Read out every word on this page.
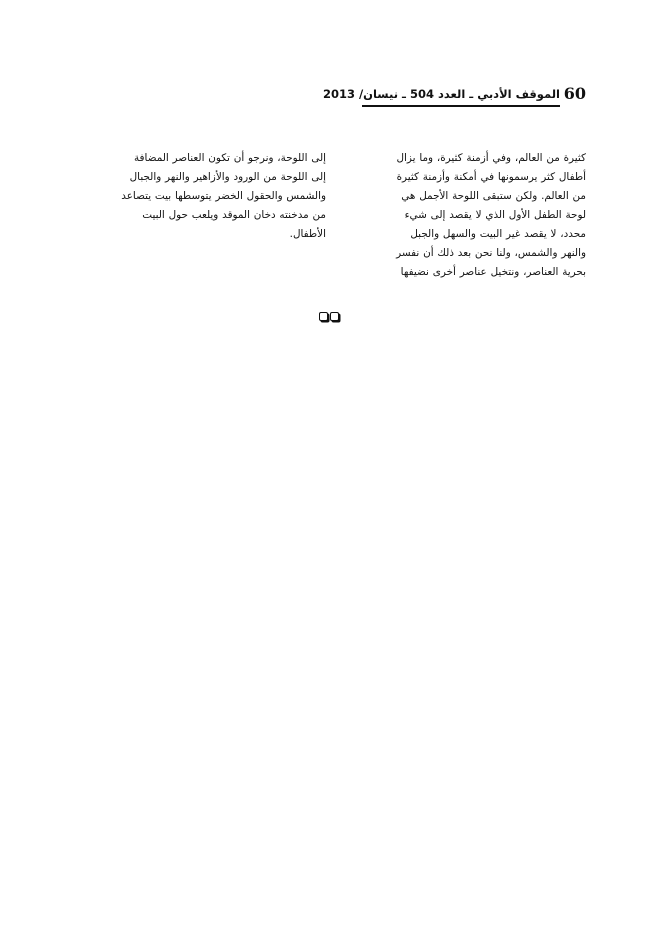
60
الموقف الأدبي ـ العدد 504 ـ نيسان/ 2013
كثيرة من العالم، وفي أزمنة كثيرة، وما يزال
أطفال كثر يرسمونها في أمكنة وأزمنة كثيرة
من العالم. ولكن ستبقى اللوحة الأجمل هي
لوحة الطفل الأول الذي لا يقصد إلى شيء
محدد، لا يقصد غير البيت والسهل والجبل
والنهر والشمس، ولنا نحن بعد ذلك أن نفسر
بحرية العناصر، ونتخيل عناصر أخرى نضيفها
إلى اللوحة، ونرجو أن تكون العناصر المضافة
إلى اللوحة من الورود والأزاهير والنهر والجبال
والشمس والحقول الخضر يتوسطها بيت يتصاعد
من مدخنته دخان الموقد ويلعب حول البيت
الأطفال.
